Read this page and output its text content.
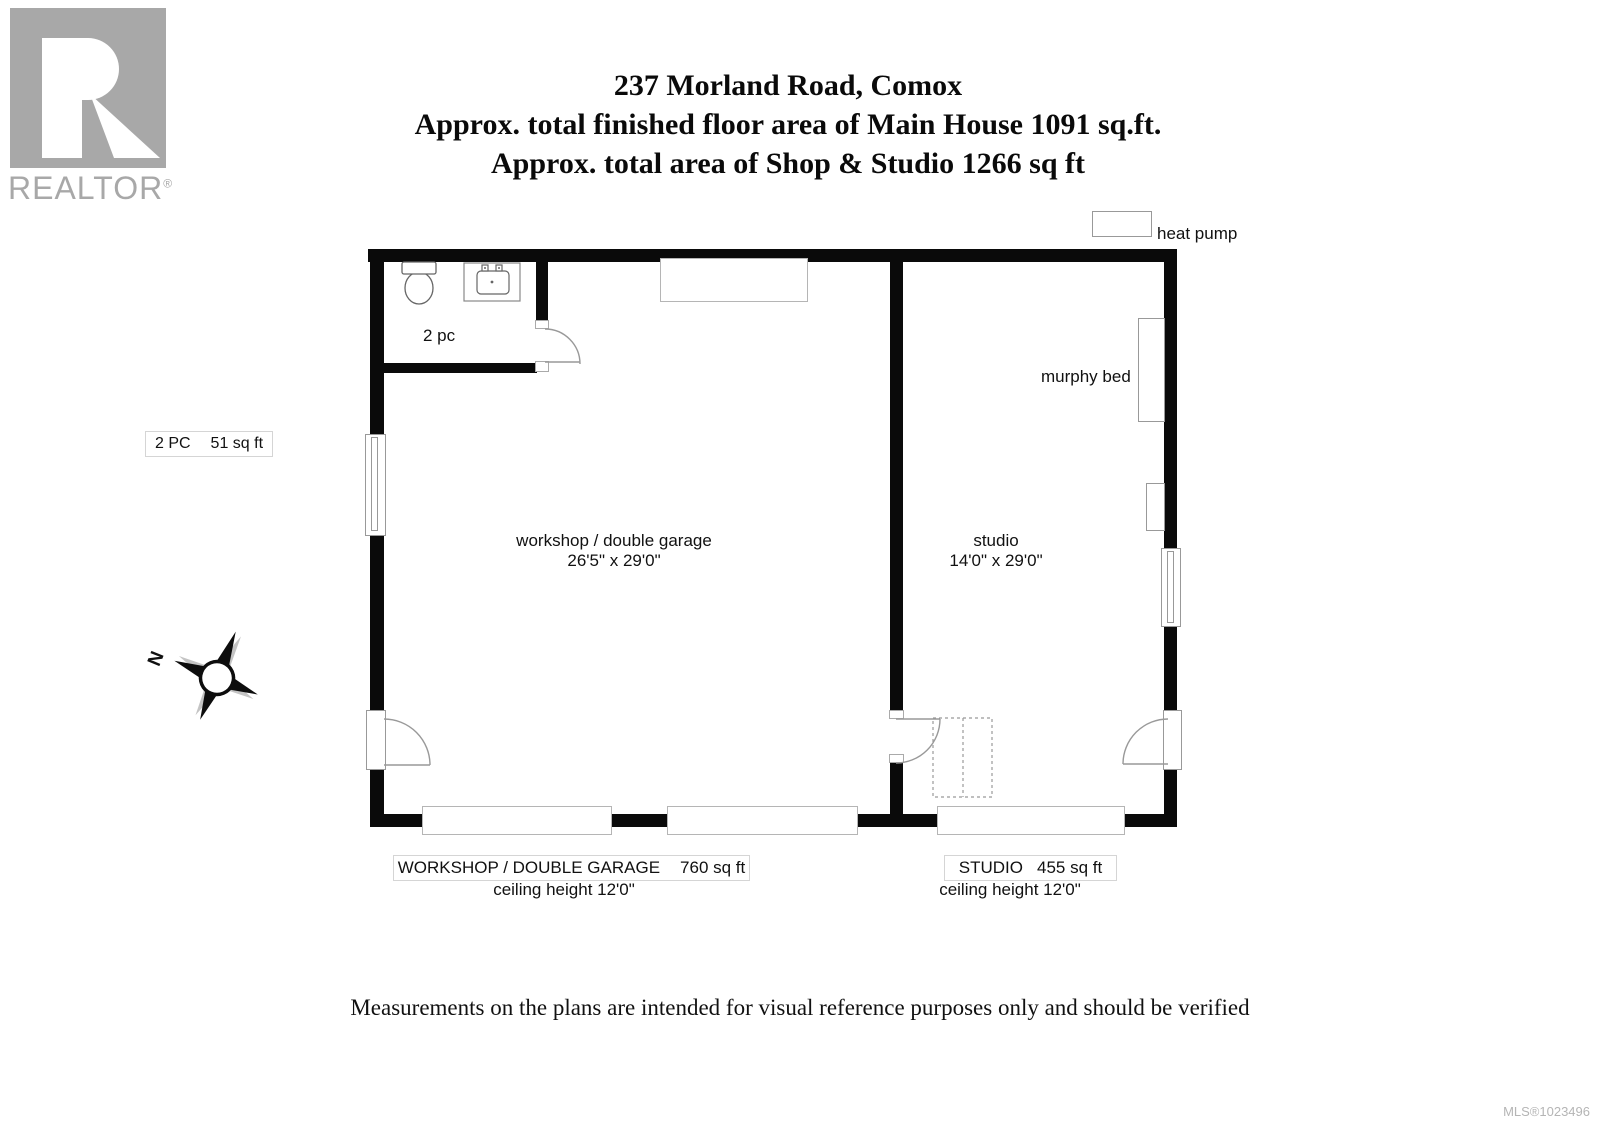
REALTOR®
237 Morland Road, Comox
Approx. total finished floor area of Main House 1091 sq.ft.
Approx. total area of Shop & Studio 1266 sq ft
heat pump
2 pc
murphy bed
N
2 PC 51 sq ft
workshop / double garage
26'5" x 29'0"
studio
14'0" x 29'0"
WORKSHOP / DOUBLE GARAGE 760 sq ft
ceiling height 12'0"
STUDIO 455 sq ft
ceiling height 12'0"
Measurements on the plans are intended for visual reference purposes only and should be verified
MLS®1023496
